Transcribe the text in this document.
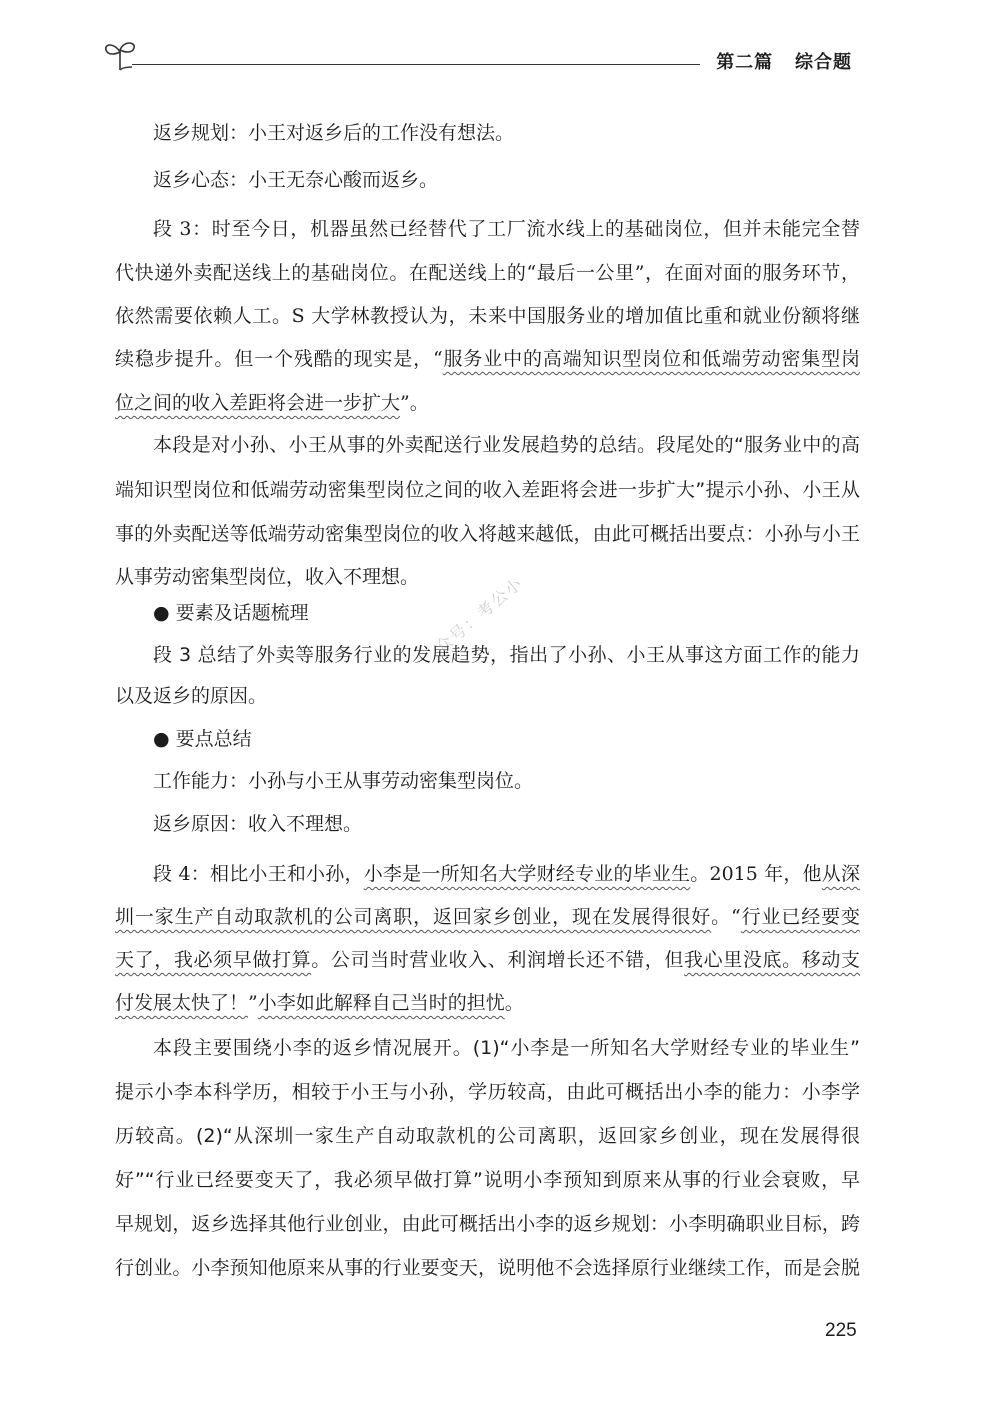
第二篇 综合题
返乡规划：小王对返乡后的工作没有想法。
返乡心态：小王无奈心酸而返乡。
段 3：时至今日，机器虽然已经替代了工厂流水线上的基础岗位，但并未能完全替
代快递外卖配送线上的基础岗位。在配送线上的“最后一公里”，在面对面的服务环节，
依然需要依赖人工。S 大学林教授认为，未来中国服务业的增加值比重和就业份额将继
续稳步提升。但一个残酷的现实是，“服务业中的高端知识型岗位和低端劳动密集型岗
位之间的收入差距将会进一步扩大”。
本段是对小孙、小王从事的外卖配送行业发展趋势的总结。段尾处的“服务业中的高
端知识型岗位和低端劳动密集型岗位之间的收入差距将会进一步扩大”提示小孙、小王从
事的外卖配送等低端劳动密集型岗位的收入将越来越低，由此可概括出要点：小孙与小王
从事劳动密集型岗位，收入不理想。
● 要素及话题梳理
段 3 总结了外卖等服务行业的发展趋势，指出了小孙、小王从事这方面工作的能力
以及返乡的原因。
● 要点总结
工作能力：小孙与小王从事劳动密集型岗位。
返乡原因：收入不理想。
段 4：相比小王和小孙，小李是一所知名大学财经专业的毕业生。2015 年，他从深
圳一家生产自动取款机的公司离职，返回家乡创业，现在发展得很好。“行业已经要变
天了，我必须早做打算。公司当时营业收入、利润增长还不错，但我心里没底。移动支
付发展太快了！”小李如此解释自己当时的担忧。
本段主要围绕小李的返乡情况展开。(1)“小李是一所知名大学财经专业的毕业生”
提示小李本科学历，相较于小王与小孙，学历较高，由此可概括出小李的能力：小李学
历较高。(2)“从深圳一家生产自动取款机的公司离职，返回家乡创业，现在发展得很
好”“行业已经要变天了，我必须早做打算”说明小李预知到原来从事的行业会衰败，早
早规划，返乡选择其他行业创业，由此可概括出小李的返乡规划：小李明确职业目标，跨
行创业。小李预知他原来从事的行业要变天，说明他不会选择原行业继续工作，而是会脱
众号：考公小
225
